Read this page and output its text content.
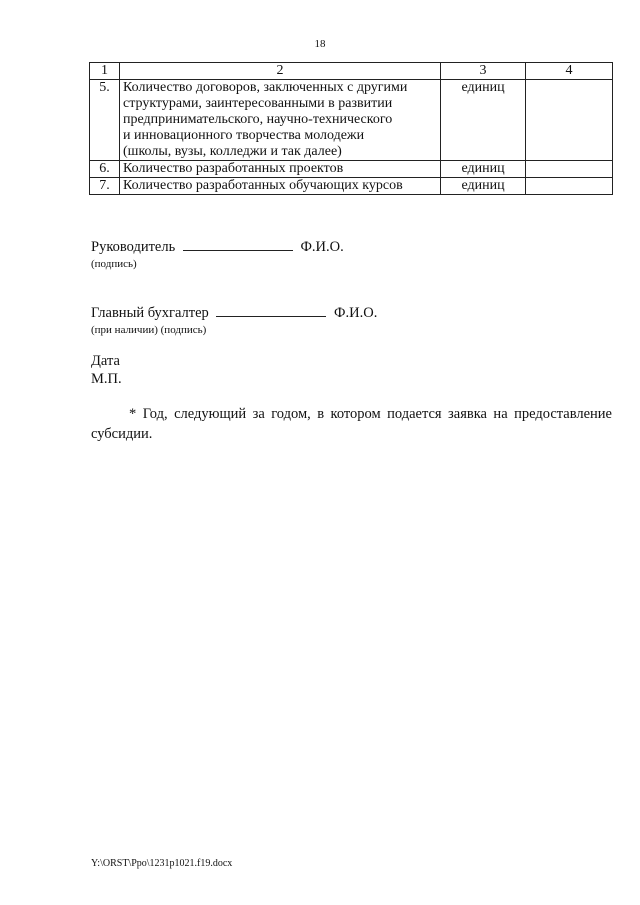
18
1	2	3	4
5.	Количество договоров, заключенных с другими
структурами, заинтересованными в развитии
предпринимательского, научно-технического
и инновационного творчества молодежи
(школы, вузы, колледжи и так далее)	единиц	
6.	Количество разработанных проектов	единиц	
7.	Количество разработанных обучающих курсов	единиц	
Руководитель	Ф.И.О.
(подпись)
Главный бухгалтер	Ф.И.О.
(при наличии) (подпись)
Дата
М.П.
* Год, следующий за годом, в котором подается заявка на предоставление
субсидии.
Y:\ORST\Ppo\1231p1021.f19.docx
